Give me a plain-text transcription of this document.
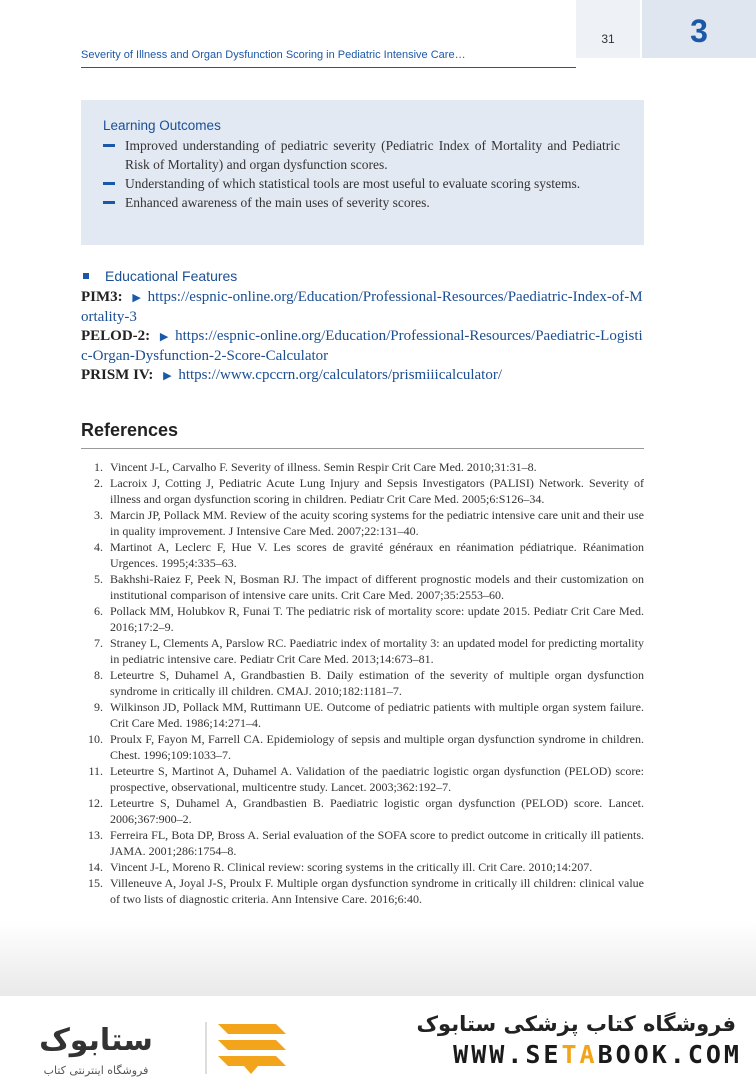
31	3
Severity of Illness and Organ Dysfunction Scoring in Pediatric Intensive Care…
Learning Outcomes
Improved understanding of pediatric severity (Pediatric Index of Mortality and Pediatric Risk of Mortality) and organ dysfunction scores.
Understanding of which statistical tools are most useful to evaluate scoring systems.
Enhanced awareness of the main uses of severity scores.
Educational Features

PIM3: ▶ https://espnic-online.org/Education/Professional-Resources/Paediatric-Index-of-Mortality-3

PELOD-2: ▶ https://espnic-online.org/Education/Professional-Resources/Paediatric-Logistic-Organ-Dysfunction-2-Score-Calculator

PRISM IV: ▶ https://www.cpccrn.org/calculators/prismiiicalculator/

References
1. Vincent J-L, Carvalho F. Severity of illness. Semin Respir Crit Care Med. 2010;31:31–8.
2. Lacroix J, Cotting J, Pediatric Acute Lung Injury and Sepsis Investigators (PALISI) Network. Severity of illness and organ dysfunction scoring in children. Pediatr Crit Care Med. 2005;6:S126–34.
3. Marcin JP, Pollack MM. Review of the acuity scoring systems for the pediatric intensive care unit and their use in quality improvement. J Intensive Care Med. 2007;22:131–40.
4. Martinot A, Leclerc F, Hue V. Les scores de gravité généraux en réanimation pédiatrique. Réanimation Urgences. 1995;4:335–63.
5. Bakhshi-Raiez F, Peek N, Bosman RJ. The impact of different prognostic models and their customization on institutional comparison of intensive care units. Crit Care Med. 2007;35:2553–60.
6. Pollack MM, Holubkov R, Funai T. The pediatric risk of mortality score: update 2015. Pediatr Crit Care Med. 2016;17:2–9.
7. Straney L, Clements A, Parslow RC. Paediatric index of mortality 3: an updated model for predicting mortality in pediatric intensive care. Pediatr Crit Care Med. 2013;14:673–81.
8. Leteurtre S, Duhamel A, Grandbastien B. Daily estimation of the severity of multiple organ dysfunction syndrome in critically ill children. CMAJ. 2010;182:1181–7.
9. Wilkinson JD, Pollack MM, Ruttimann UE. Outcome of pediatric patients with multiple organ system failure. Crit Care Med. 1986;14:271–4.
10. Proulx F, Fayon M, Farrell CA. Epidemiology of sepsis and multiple organ dysfunction syndrome in children. Chest. 1996;109:1033–7.
11. Leteurtre S, Martinot A, Duhamel A. Validation of the paediatric logistic organ dysfunction (PELOD) score: prospective, observational, multicentre study. Lancet. 2003;362:192–7.
12. Leteurtre S, Duhamel A, Grandbastien B. Paediatric logistic organ dysfunction (PELOD) score. Lancet. 2006;367:900–2.
13. Ferreira FL, Bota DP, Bross A. Serial evaluation of the SOFA score to predict outcome in critically ill patients. JAMA. 2001;286:1754–8.
14. Vincent J-L, Moreno R. Clinical review: scoring systems in the critically ill. Crit Care. 2010;14:207.
15. Villeneuve A, Joyal J-S, Proulx F. Multiple organ dysfunction syndrome in critically ill children: clinical value of two lists of diagnostic criteria. Ann Intensive Care. 2016;6:40.
ستابوک
فروشگاه اینترنتی کتاب
فروشگاه کتاب پزشکی ستابوک
WWW.SETABOOK.COM
